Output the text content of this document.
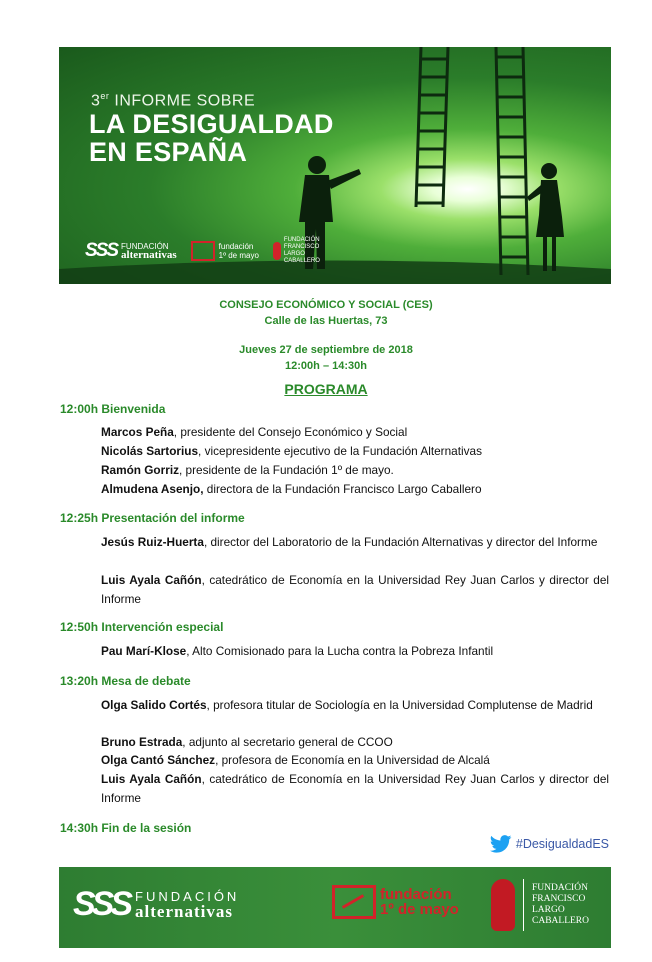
3er INFORME SOBRE
LA DESIGUALDAD
EN ESPAÑA
SSS FUNDACIÓN
alternativas
fundación
1º de mayo
FUNDACIÓN FRANCISCO LARGO CABALLERO
CONSEJO ECONÓMICO Y SOCIAL (CES)
Calle de las Huertas, 73
Jueves 27 de septiembre de 2018
12:00h – 14:30h
PROGRAMA
12:00h Bienvenida
Marcos Peña, presidente del Consejo Económico y Social
Nicolás Sartorius, vicepresidente ejecutivo de la Fundación Alternativas
Ramón Gorriz, presidente de la Fundación 1º de mayo.
Almudena Asenjo, directora de la Fundación Francisco Largo Caballero
12:25h Presentación del informe
Jesús Ruiz-Huerta, director del Laboratorio de la Fundación Alternativas y director del Informe
Luis Ayala Cañón, catedrático de Economía en la Universidad Rey Juan Carlos y director del Informe
12:50h Intervención especial
Pau Marí-Klose, Alto Comisionado para la Lucha contra la Pobreza Infantil
13:20h Mesa de debate
Olga Salido Cortés, profesora titular de Sociología en la Universidad Complutense de Madrid
Bruno Estrada, adjunto al secretario general de CCOO
Olga Cantó Sánchez, profesora de Economía en la Universidad de Alcalá
Luis Ayala Cañón, catedrático de Economía en la Universidad Rey Juan Carlos y director del Informe
14:30h Fin de la sesión
#DesigualdadES
SSS FUNDACIÓN
alternativas
fundación
1º de mayo
FUNDACIÓN
FRANCISCO
LARGO
CABALLERO
